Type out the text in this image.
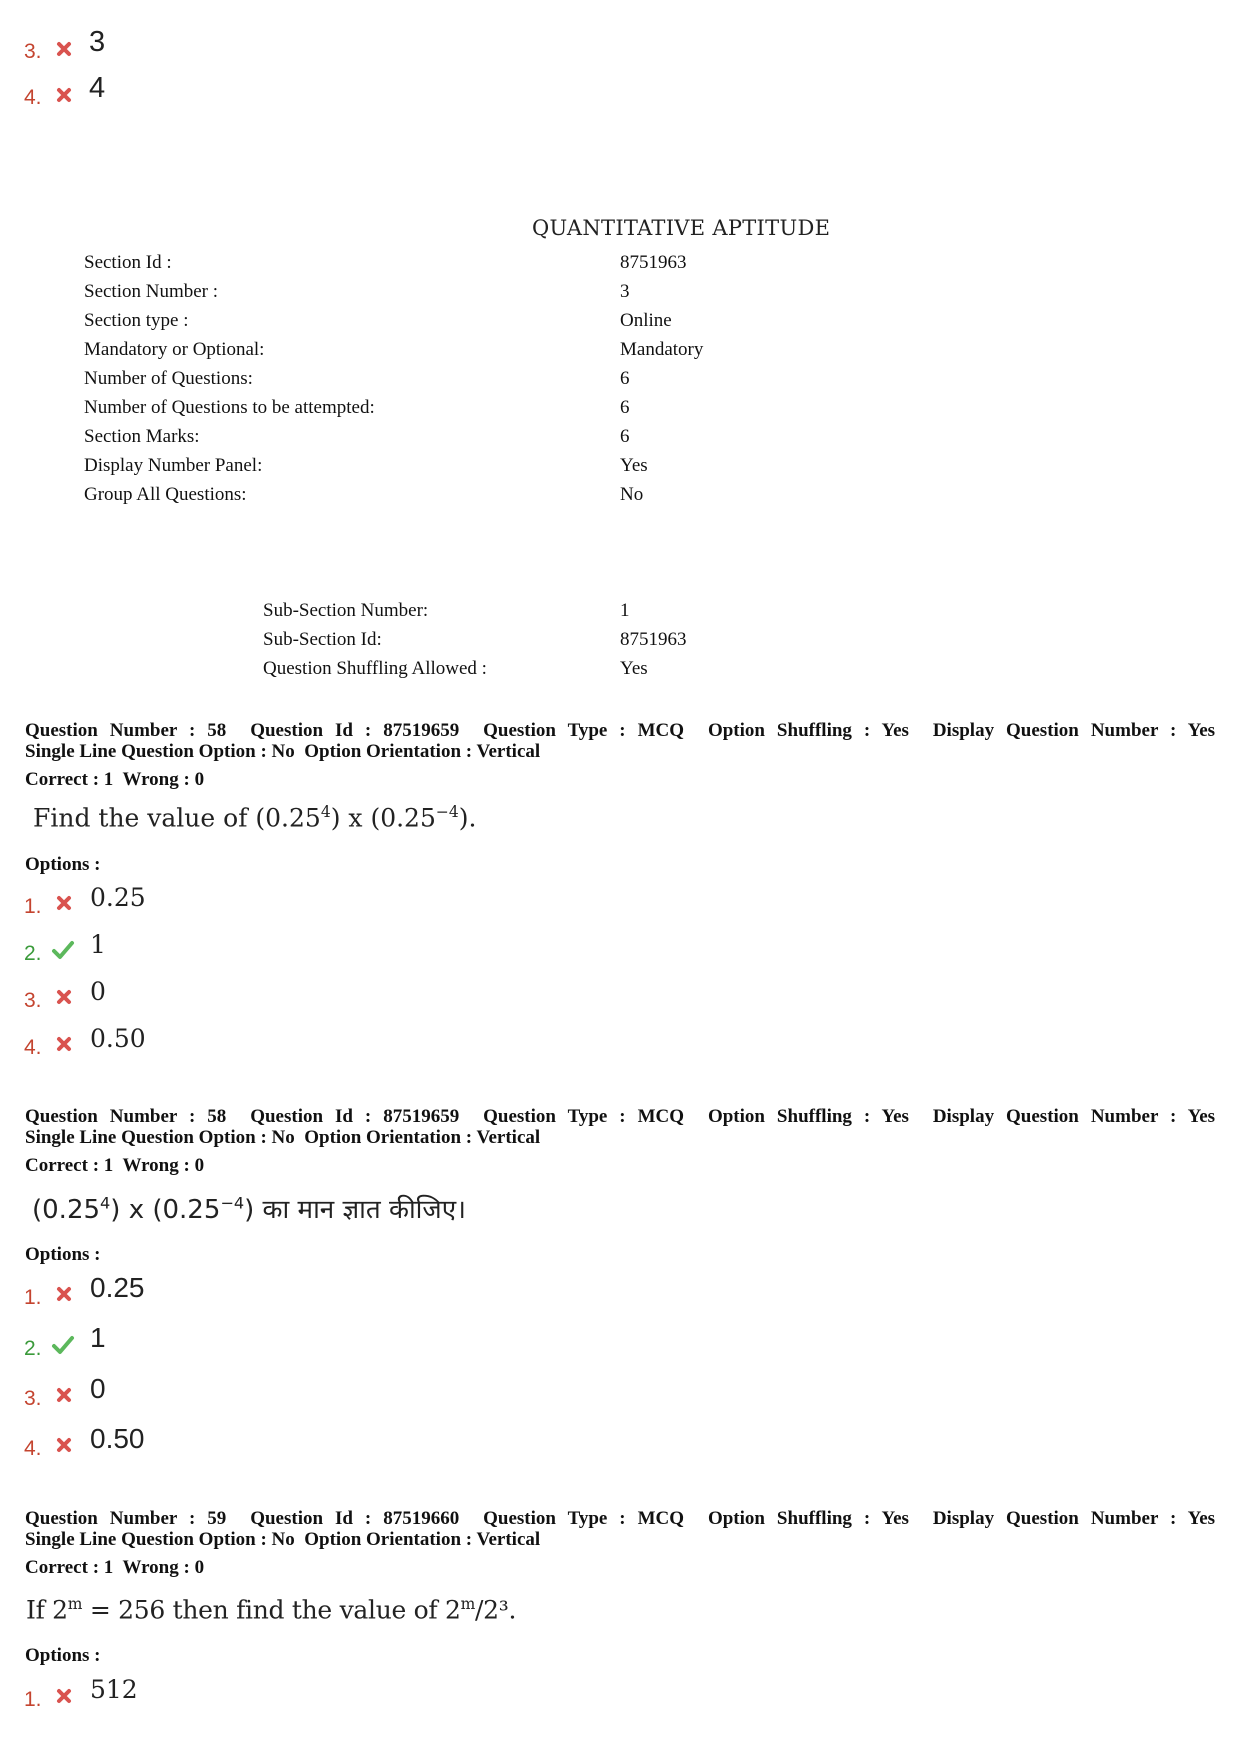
3. 3
4. 4
QUANTITATIVE APTITUDE
Section Id :	8751963
Section Number :	3
Section type :	Online
Mandatory or Optional:	Mandatory
Number of Questions:	6
Number of Questions to be attempted:	6
Section Marks:	6
Display Number Panel:	Yes
Group All Questions:	No
Sub-Section Number:	1
Sub-Section Id:	8751963
Question Shuffling Allowed :	Yes
Question Number : 58 Question Id : 87519659 Question Type : MCQ Option Shuffling : Yes Display Question Number : Yes Single Line Question Option : No Option Orientation : Vertical
Correct : 1 Wrong : 0
Find the value of (0.25$^4$) x $(0.25^{-4})$.
Options :
1. 0.25
2. 1
3. 0
4. 0.50
Question Number : 58 Question Id : 87519659 Question Type : MCQ Option Shuffling : Yes Display Question Number : Yes Single Line Question Option : No Option Orientation : Vertical
Correct : 1 Wrong : 0
(0.25$^4$) x $(0.25^{-4})$ का मान ज्ञात कीजिए।
Options :
1. 0.25
2. 1
3. 0
4. 0.50
Question Number : 59 Question Id : 87519660 Question Type : MCQ Option Shuffling : Yes Display Question Number : Yes Single Line Question Option : No Option Orientation : Vertical
Correct : 1 Wrong : 0
If $2^m = 256$ then find the value of 2$^m$/2³.
Options :
1. 512
